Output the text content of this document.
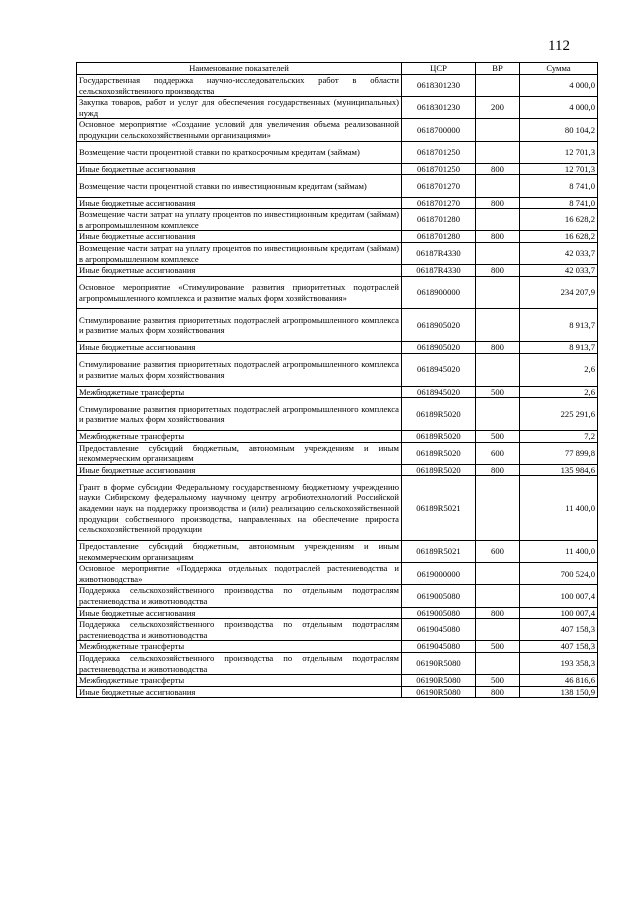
112
Наименование показателей	ЦСР	ВР	Сумма
Государственная поддержка научно-исследовательских работ в области сельскохозяйственного производства	0618301230		4 000,0
Закупка товаров, работ и услуг для обеспечения государственных (муниципальных) нужд	0618301230	200	4 000,0
Основное мероприятие «Создание условий для увеличения объема реализованной продукции сельскохозяйственными организациями»	0618700000		80 104,2
Возмещение части процентной ставки по краткосрочным кредитам (займам)	0618701250		12 701,3
Иные бюджетные ассигнования	0618701250	800	12 701,3
Возмещение части процентной ставки по инвестиционным кредитам (займам)	0618701270		8 741,0
Иные бюджетные ассигнования	0618701270	800	8 741,0
Возмещение части затрат на уплату процентов по инвестиционным кредитам (займам) в агропромышленном комплексе	0618701280		16 628,2
Иные бюджетные ассигнования	0618701280	800	16 628,2
Возмещение части затрат на уплату процентов по инвестиционным кредитам (займам) в агропромышленном комплексе	06187R4330		42 033,7
Иные бюджетные ассигнования	06187R4330	800	42 033,7
Основное мероприятие «Стимулирование развития приоритетных подотраслей агропромышленного комплекса и развитие малых форм хозяйствования»	0618900000		234 207,9
Стимулирование развития приоритетных подотраслей агропромышленного комплекса и развитие малых форм хозяйствования	0618905020		8 913,7
Иные бюджетные ассигнования	0618905020	800	8 913,7
Стимулирование развития приоритетных подотраслей агропромышленного комплекса и развитие малых форм хозяйствования	0618945020		2,6
Межбюджетные трансферты	0618945020	500	2,6
Стимулирование развития приоритетных подотраслей агропромышленного комплекса и развитие малых форм хозяйствования	06189R5020		225 291,6
Межбюджетные трансферты	06189R5020	500	7,2
Предоставление субсидий бюджетным, автономным учреждениям и иным некоммерческим организациям	06189R5020	600	77 899,8
Иные бюджетные ассигнования	06189R5020	800	135 984,6
Грант в форме субсидии Федеральному государственному бюджетному учреждению науки Сибирскому федеральному научному центру агробиотехнологий Российской академии наук на поддержку производства и (или) реализацию сельскохозяйственной продукции собственного производства, направленных на обеспечение прироста сельскохозяйственной продукции	06189R5021		11 400,0
Предоставление субсидий бюджетным, автономным учреждениям и иным некоммерческим организациям	06189R5021	600	11 400,0
Основное мероприятие «Поддержка отдельных подотраслей растениеводства и животноводства»	0619000000		700 524,0
Поддержка сельскохозяйственного производства по отдельным подотраслям растениеводства и животноводства	0619005080		100 007,4
Иные бюджетные ассигнования	0619005080	800	100 007,4
Поддержка сельскохозяйственного производства по отдельным подотраслям растениеводства и животноводства	0619045080		407 158,3
Межбюджетные трансферты	0619045080	500	407 158,3
Поддержка сельскохозяйственного производства по отдельным подотраслям растениеводства и животноводства	06190R5080		193 358,3
Межбюджетные трансферты	06190R5080	500	46 816,6
Иные бюджетные ассигнования	06190R5080	800	138 150,9
